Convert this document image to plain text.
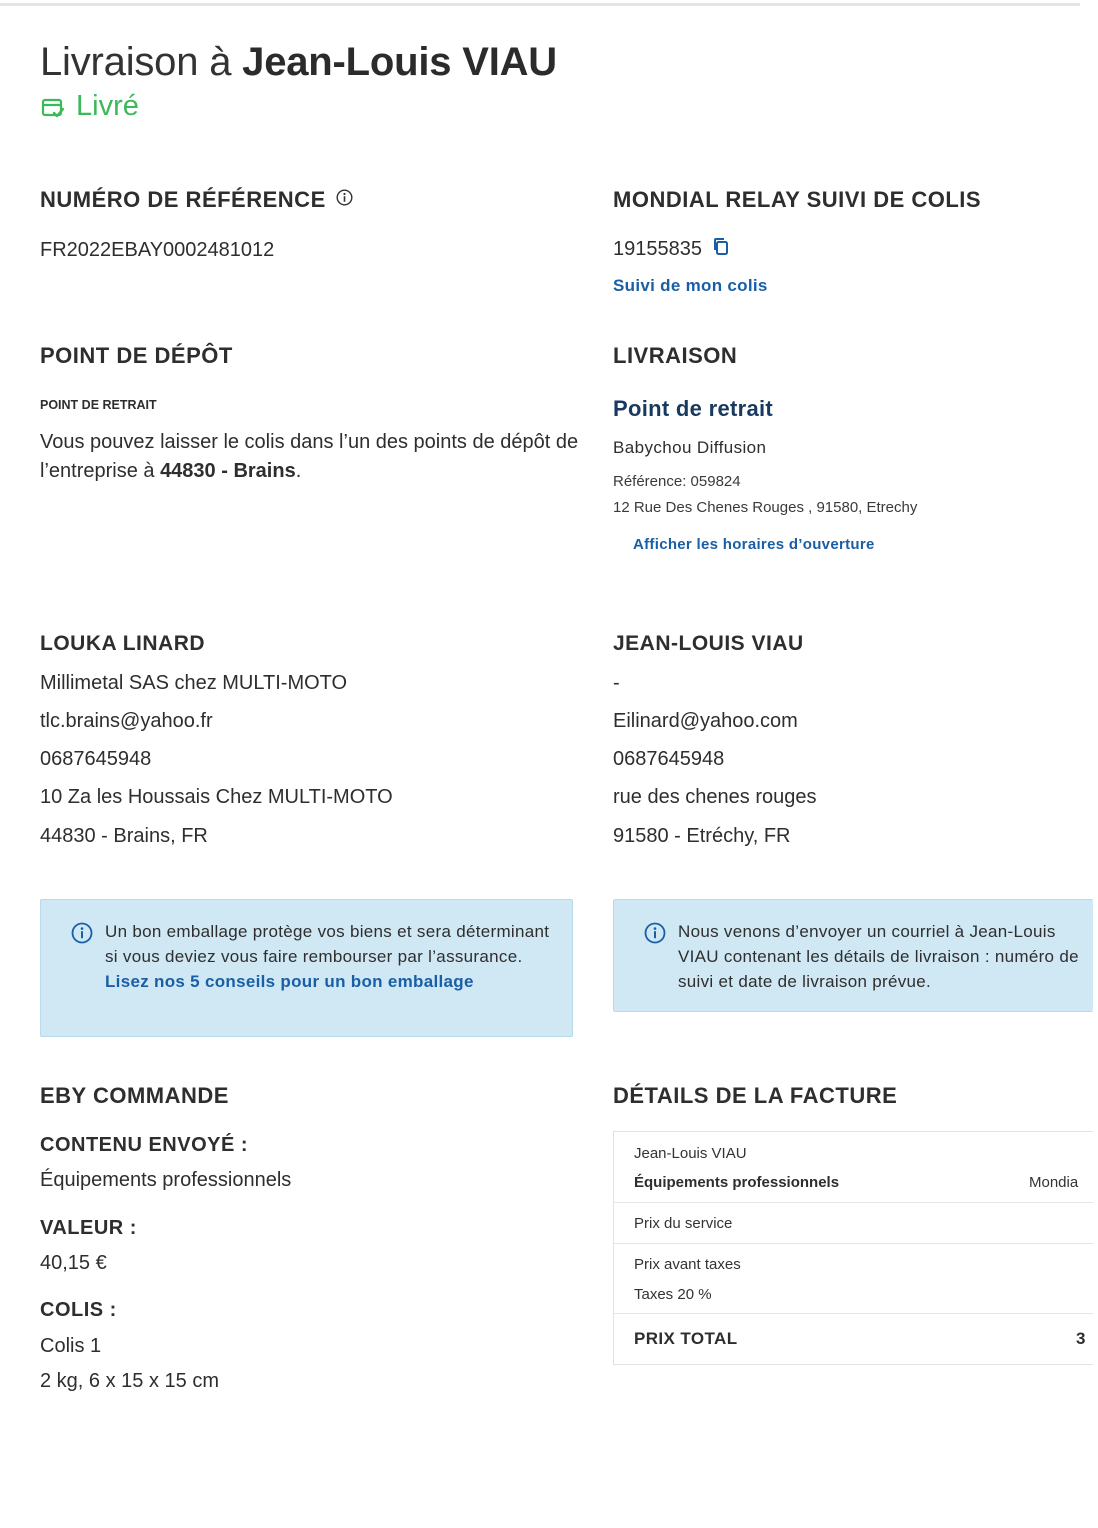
Livraison à Jean-Louis VIAU
Livré
NUMÉRO DE RÉFÉRENCE
FR2022EBAY0002481012
MONDIAL RELAY SUIVI DE COLIS
19155835
Suivi de mon colis
POINT DE DÉPÔT
POINT DE RETRAIT
Vous pouvez laisser le colis dans l’un des points de dépôt de l’entreprise à 44830 - Brains.
LIVRAISON
Point de retrait
Babychou Diffusion
Référence: 059824
12 Rue Des Chenes Rouges , 91580, Etrechy
Afficher les horaires d’ouverture
LOUKA LINARD
Millimetal SAS chez MULTI-MOTO
tlc.brains@yahoo.fr
0687645948
10 Za les Houssais Chez MULTI-MOTO
44830 - Brains, FR
JEAN-LOUIS VIAU
-
Eilinard@yahoo.com
0687645948
rue des chenes rouges
91580 - Etréchy, FR
Un bon emballage protège vos biens et sera déterminant si vous deviez vous faire rembourser par l’assurance. Lisez nos 5 conseils pour un bon emballage
Nous venons d’envoyer un courriel à Jean-Louis VIAU contenant les détails de livraison : numéro de suivi et date de livraison prévue.
EBY COMMANDE
CONTENU ENVOYÉ :
Équipements professionnels
VALEUR :
40,15 €
COLIS :
Colis 1
2 kg, 6 x 15 x 15 cm
DÉTAILS DE LA FACTURE
Jean-Louis VIAU
Équipements professionnels	Mondia
Prix du service
Prix avant taxes
Taxes 20 %
PRIX TOTAL	3
